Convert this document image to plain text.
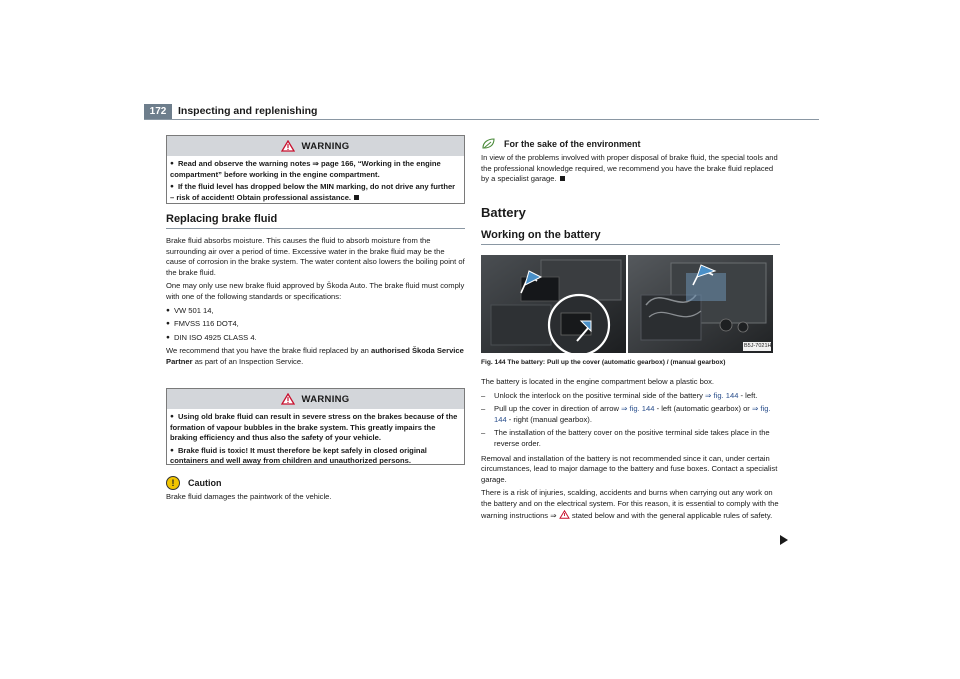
172	Inspecting and replenishing
WARNING

● Read and observe the warning notes ⇒ page 166, “Working in the engine compartment” before working in the engine compartment.

● If the fluid level has dropped below the MIN marking, do not drive any further – risk of accident! Obtain professional assistance.

Replacing brake fluid

Brake fluid absorbs moisture. This causes the fluid to absorb moisture from the surrounding air over a period of time. Excessive water in the brake fluid may be the cause of corrosion in the brake system. The water content also lowers the boiling point of the brake fluid.

One may only use new brake fluid approved by Škoda Auto. The brake fluid must comply with one of the following standards or specifications:

● VW 501 14,

● FMVSS 116 DOT4,

● DIN ISO 4925 CLASS 4.

We recommend that you have the brake fluid replaced by an authorised Škoda Service Partner as part of an Inspection Service.

WARNING

● Using old brake fluid can result in severe stress on the brakes because of the formation of vapour bubbles in the brake system. This greatly impairs the braking efficiency and thus also the safety of your vehicle.

● Brake fluid is toxic! It must therefore be kept safely in closed original containers and well away from children and unauthorized persons.

!	Caution
Brake fluid damages the paintwork of the vehicle.
For the sake of the environment
In view of the problems involved with proper disposal of brake fluid, the special tools and the professional knowledge required, we recommend you have the brake fluid replaced by a specialist garage.
Battery
Working on the battery
B5J-7021H
Fig. 144 The battery: Pull up the cover (automatic gearbox) / (manual gearbox)

The battery is located in the engine compartment below a plastic box.

–	Unlock the interlock on the positive terminal side of the battery ⇒ fig. 144 - left.
–	Pull up the cover in direction of arrow ⇒ fig. 144 - left (automatic gearbox) or ⇒ fig. 144 - right (manual gearbox).
–	The installation of the battery cover on the positive terminal side takes place in the reverse order.

Removal and installation of the battery is not recommended since it can, under certain circumstances, lead to major damage to the battery and fuse boxes. Contact a specialist garage.

There is a risk of injuries, scalding, accidents and burns when carrying out any work on the battery and on the electrical system. For this reason, it is essential to comply with the warning instructions ⇒  stated below and with the general applicable rules of safety.
